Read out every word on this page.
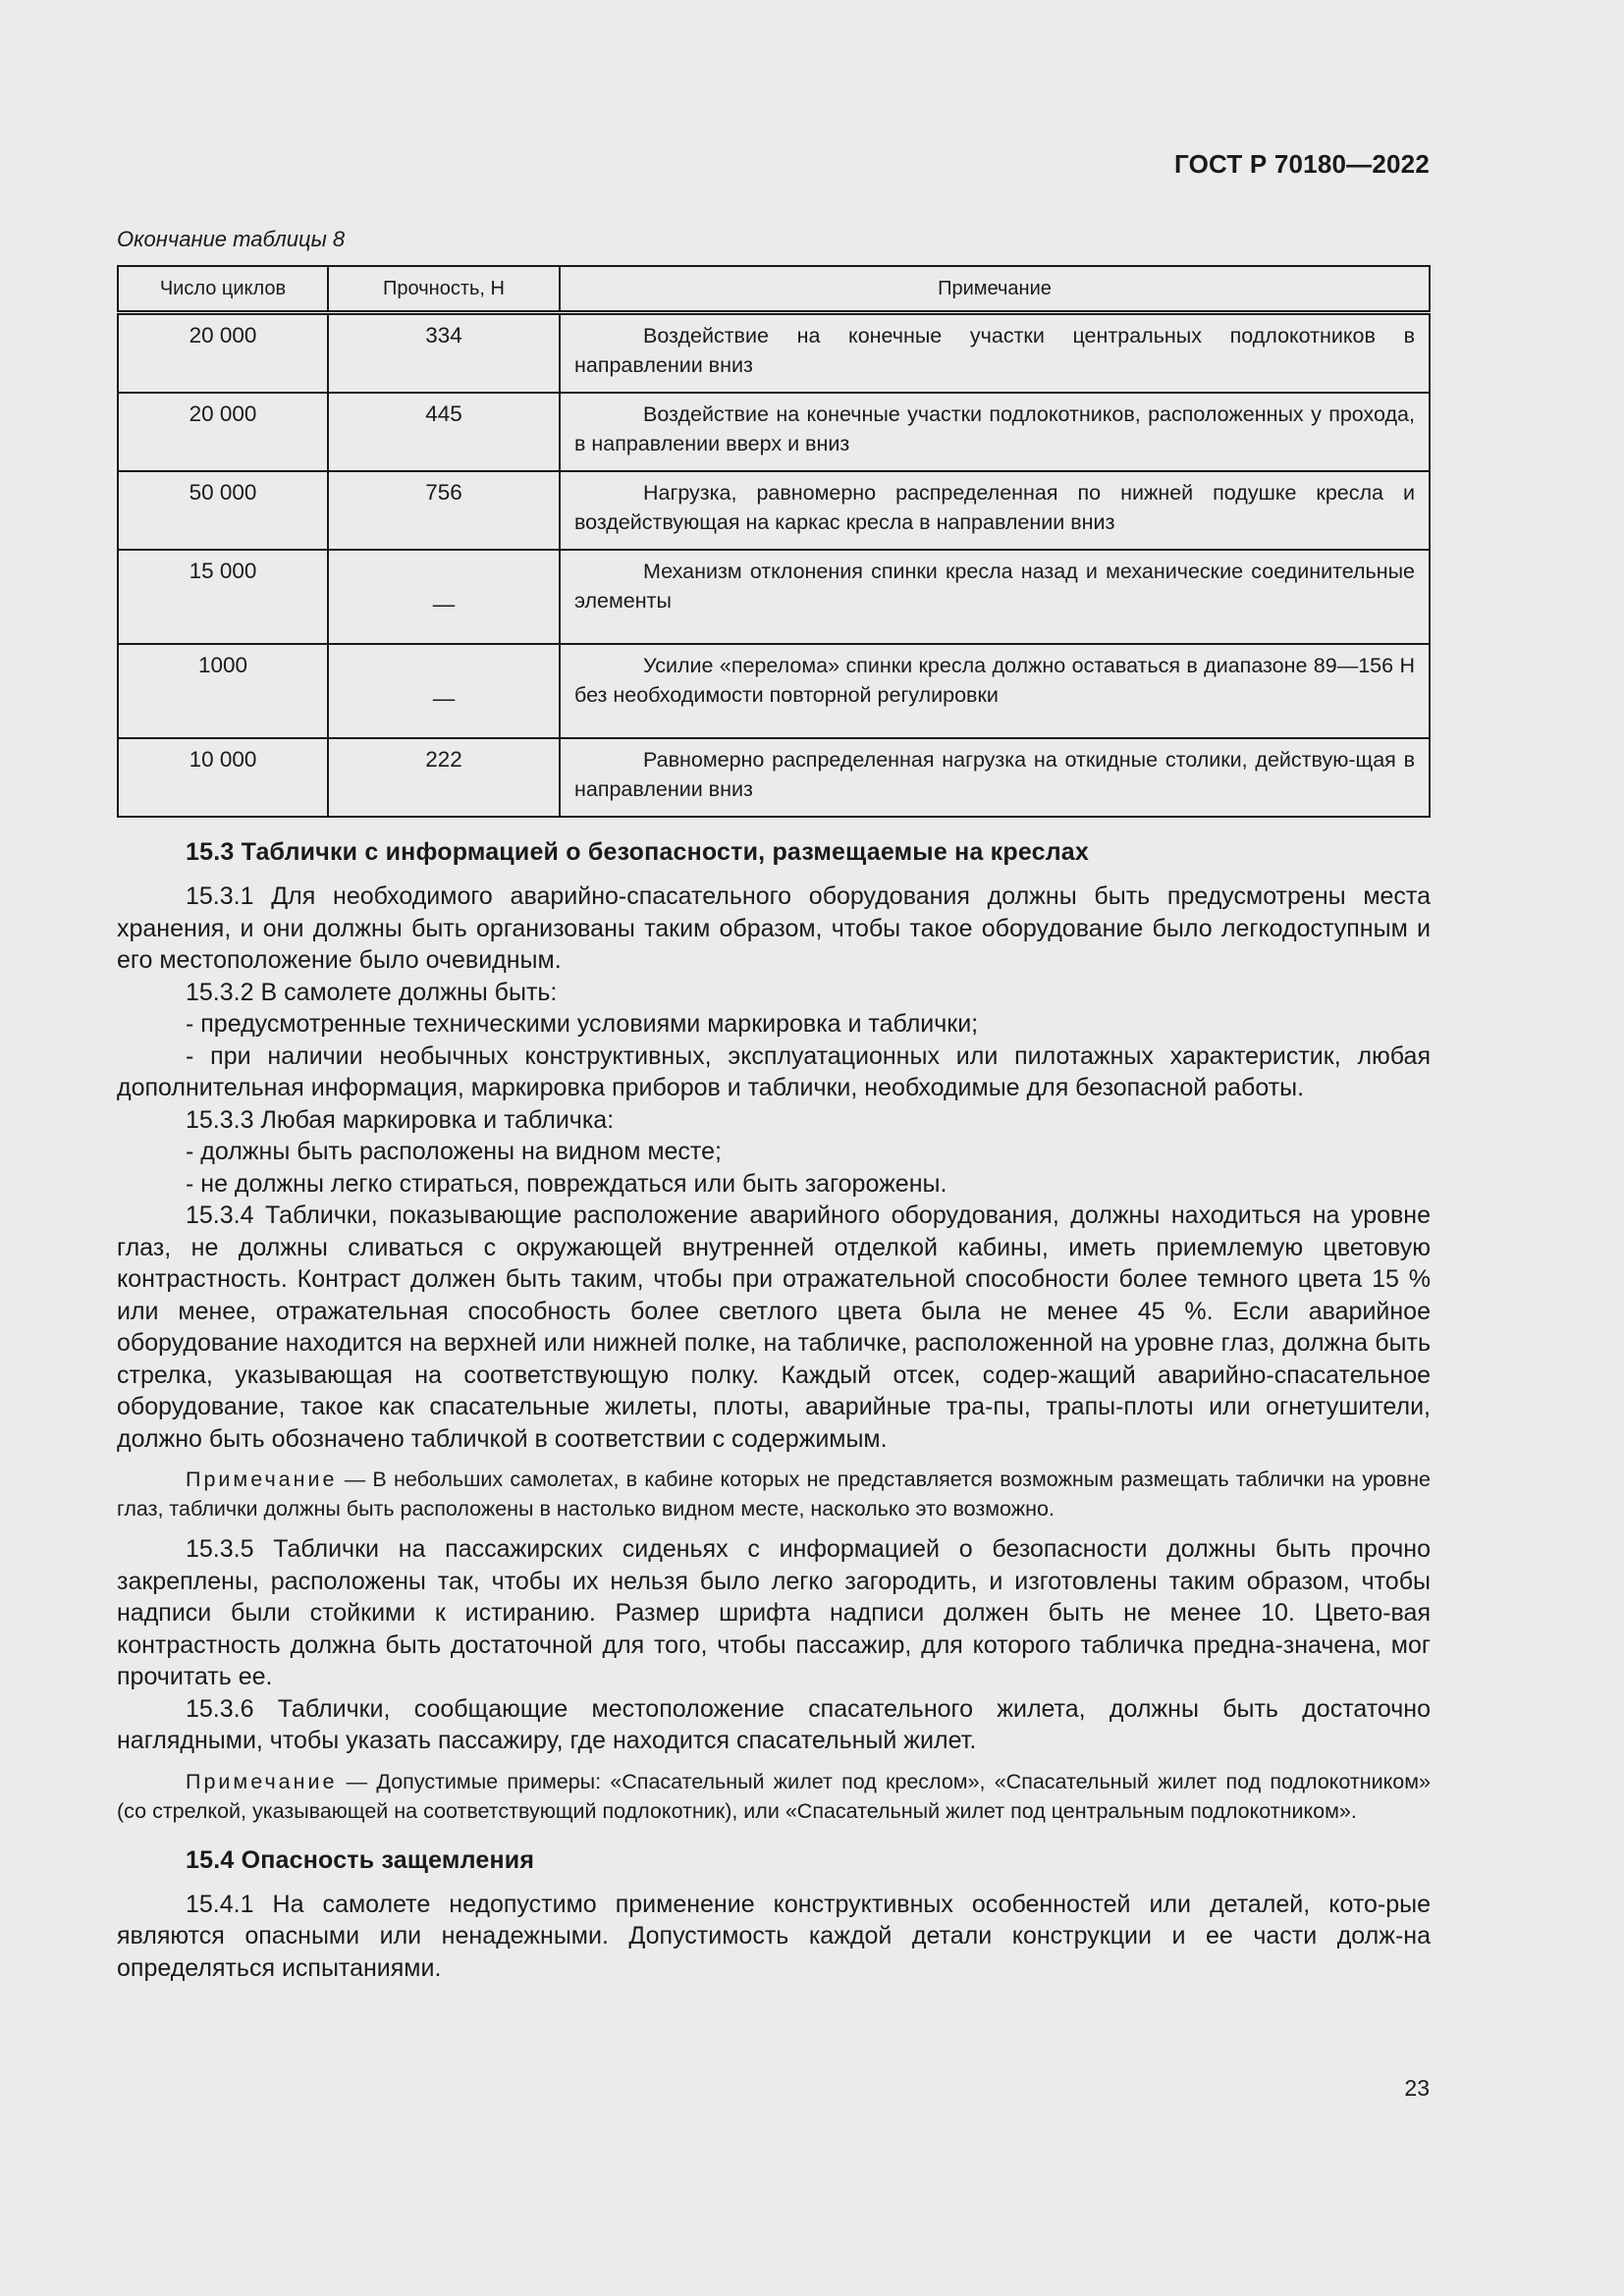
ГОСТ Р 70180—2022

Окончание таблицы 8

Число циклов	Прочность, Н	Примечание
20 000	334	Воздействие на конечные участки центральных подлокотников в направлении вниз
20 000	445	Воздействие на конечные участки подлокотников, расположенных у прохода, в направлении вверх и вниз
50 000	756	Нагрузка, равномерно распределенная по нижней подушке кресла и воздействующая на каркас кресла в направлении вниз
15 000	—	Механизм отклонения спинки кресла назад и механические соединительные элементы
1000	—	Усилие «перелома» спинки кресла должно оставаться в диапазоне 89—156 Н без необходимости повторной регулировки
10 000	222	Равномерно распределенная нагрузка на откидные столики, действую-щая в направлении вниз
15.3 Таблички с информацией о безопасности, размещаемые на креслах

15.3.1 Для необходимого аварийно-спасательного оборудования должны быть предусмотрены места хранения, и они должны быть организованы таким образом, чтобы такое оборудование было легкодоступным и его местоположение было очевидным.

15.3.2 В самолете должны быть:

- предусмотренные техническими условиями маркировка и таблички;

- при наличии необычных конструктивных, эксплуатационных или пилотажных характеристик, любая дополнительная информация, маркировка приборов и таблички, необходимые для безопасной работы.

15.3.3 Любая маркировка и табличка:

- должны быть расположены на видном месте;

- не должны легко стираться, повреждаться или быть загорожены.

15.3.4 Таблички, показывающие расположение аварийного оборудования, должны находиться на уровне глаз, не должны сливаться с окружающей внутренней отделкой кабины, иметь приемлемую цветовую контрастность. Контраст должен быть таким, чтобы при отражательной способности более темного цвета 15 % или менее, отражательная способность более светлого цвета была не менее 45 %. Если аварийное оборудование находится на верхней или нижней полке, на табличке, расположенной на уровне глаз, должна быть стрелка, указывающая на соответствующую полку. Каждый отсек, содер-жащий аварийно-спасательное оборудование, такое как спасательные жилеты, плоты, аварийные тра-пы, трапы-плоты или огнетушители, должно быть обозначено табличкой в соответствии с содержимым.

Примечание — В небольших самолетах, в кабине которых не представляется возможным размещать таблички на уровне глаз, таблички должны быть расположены в настолько видном месте, насколько это возможно.

15.3.5 Таблички на пассажирских сиденьях с информацией о безопасности должны быть прочно закреплены, расположены так, чтобы их нельзя было легко загородить, и изготовлены таким образом, чтобы надписи были стойкими к истиранию. Размер шрифта надписи должен быть не менее 10. Цвето-вая контрастность должна быть достаточной для того, чтобы пассажир, для которого табличка предна-значена, мог прочитать ее.

15.3.6 Таблички, сообщающие местоположение спасательного жилета, должны быть достаточно наглядными, чтобы указать пассажиру, где находится спасательный жилет.

Примечание — Допустимые примеры: «Спасательный жилет под креслом», «Спасательный жилет под подлокотником» (со стрелкой, указывающей на соответствующий подлокотник), или «Спасательный жилет под центральным подлокотником».

15.4 Опасность защемления

15.4.1 На самолете недопустимо применение конструктивных особенностей или деталей, кото-рые являются опасными или ненадежными. Допустимость каждой детали конструкции и ее части долж-на определяться испытаниями.

23
